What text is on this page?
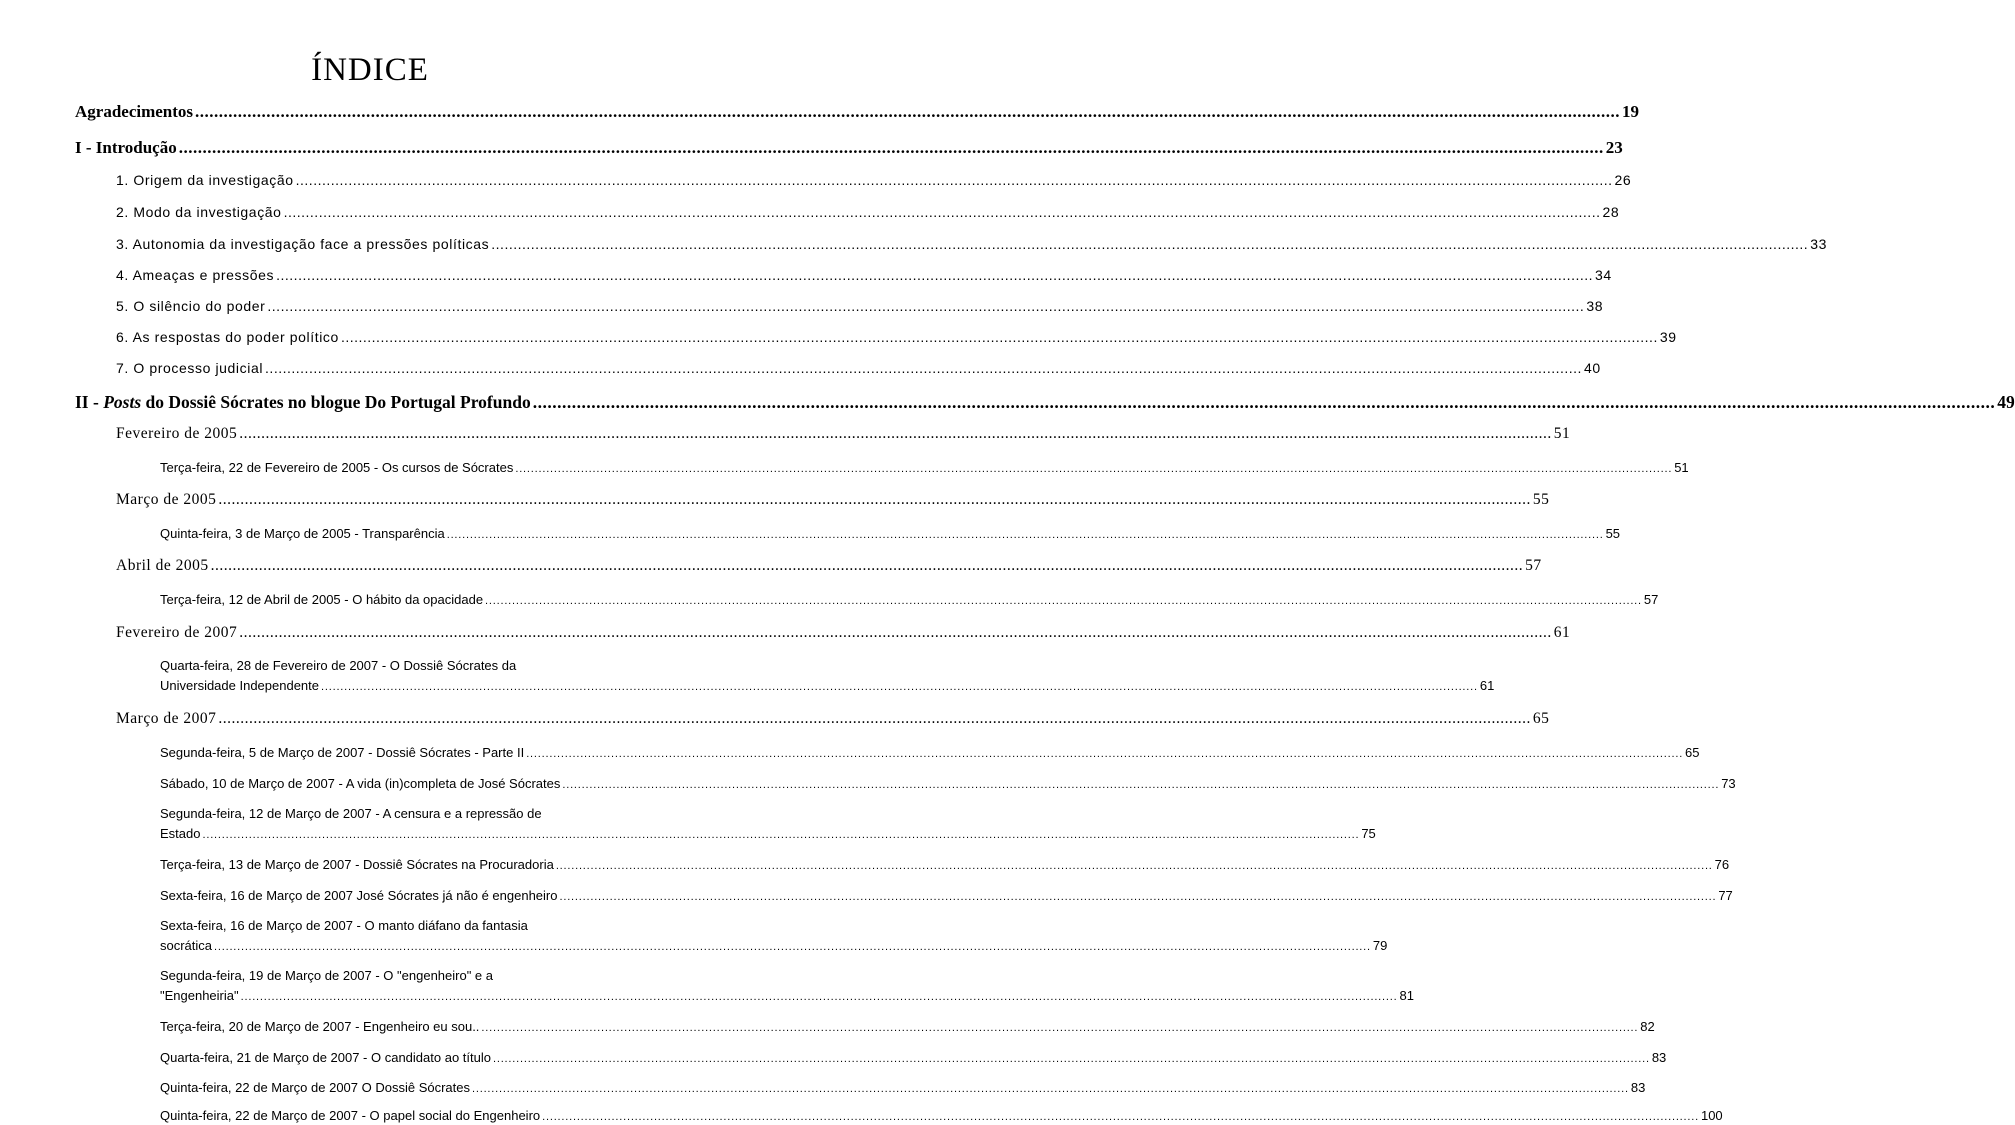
ÍNDICE
Agradecimentos ............................................................................................................................................................................................................................................................................................................ 19
I - Introdução ............................................................................................................................................................................................................................................................................................................ 23
1. Origem da investigação ............................................................................................................................................................................................................................................................................................................ 26
2. Modo da investigação ............................................................................................................................................................................................................................................................................................................ 28
3. Autonomia da investigação face a pressões políticas ............................................................................................................................................................................................................................................................................................................ 33
4. Ameaças e pressões ............................................................................................................................................................................................................................................................................................................ 34
5. O silêncio do poder ............................................................................................................................................................................................................................................................................................................ 38
6. As respostas do poder político ............................................................................................................................................................................................................................................................................................................ 39
7. O processo judicial ............................................................................................................................................................................................................................................................................................................ 40
II - Posts do Dossiê Sócrates no blogue Do Portugal Profundo ............................................................................................................................................................................................................................................................................................................ 49
Fevereiro de 2005 ............................................................................................................................................................................................................................................................................................................ 51
Terça-feira, 22 de Fevereiro de 2005 - Os cursos de Sócrates ............................................................................................................................................................................................................................................................................................................ 51
Março de 2005 ............................................................................................................................................................................................................................................................................................................ 55
Quinta-feira, 3 de Março de 2005 - Transparência ............................................................................................................................................................................................................................................................................................................ 55
Abril de 2005 ............................................................................................................................................................................................................................................................................................................ 57
Terça-feira, 12 de Abril de 2005 - O hábito da opacidade ............................................................................................................................................................................................................................................................................................................ 57
Fevereiro de 2007 ............................................................................................................................................................................................................................................................................................................ 61
Quarta-feira, 28 de Fevereiro de 2007 - O Dossiê Sócrates da
Universidade Independente ............................................................................................................................................................................................................................................................................................................ 61
Março de 2007 ............................................................................................................................................................................................................................................................................................................ 65
Segunda-feira, 5 de Março de 2007 - Dossiê Sócrates - Parte II ............................................................................................................................................................................................................................................................................................................ 65
Sábado, 10 de Março de 2007 - A vida (in)completa de José Sócrates ............................................................................................................................................................................................................................................................................................................ 73
Segunda-feira, 12 de Março de 2007 - A censura e a repressão de
Estado ............................................................................................................................................................................................................................................................................................................ 75
Terça-feira, 13 de Março de 2007 - Dossiê Sócrates na Procuradoria ............................................................................................................................................................................................................................................................................................................ 76
Sexta-feira, 16 de Março de 2007 José Sócrates já não é engenheiro ............................................................................................................................................................................................................................................................................................................ 77
Sexta-feira, 16 de Março de 2007 - O manto diáfano da fantasia
socrática ............................................................................................................................................................................................................................................................................................................ 79
Segunda-feira, 19 de Março de 2007 - O "engenheiro" e a
"Engenheiria" ............................................................................................................................................................................................................................................................................................................ 81
Terça-feira, 20 de Março de 2007 - Engenheiro eu sou.. ............................................................................................................................................................................................................................................................................................................ 82
Quarta-feira, 21 de Março de 2007 - O candidato ao título ............................................................................................................................................................................................................................................................................................................ 83
Quinta-feira, 22 de Março de 2007 O Dossiê Sócrates ............................................................................................................................................................................................................................................................................................................ 83
Quinta-feira, 22 de Março de 2007 - O papel social do Engenheiro ............................................................................................................................................................................................................................................................................................................ 100
